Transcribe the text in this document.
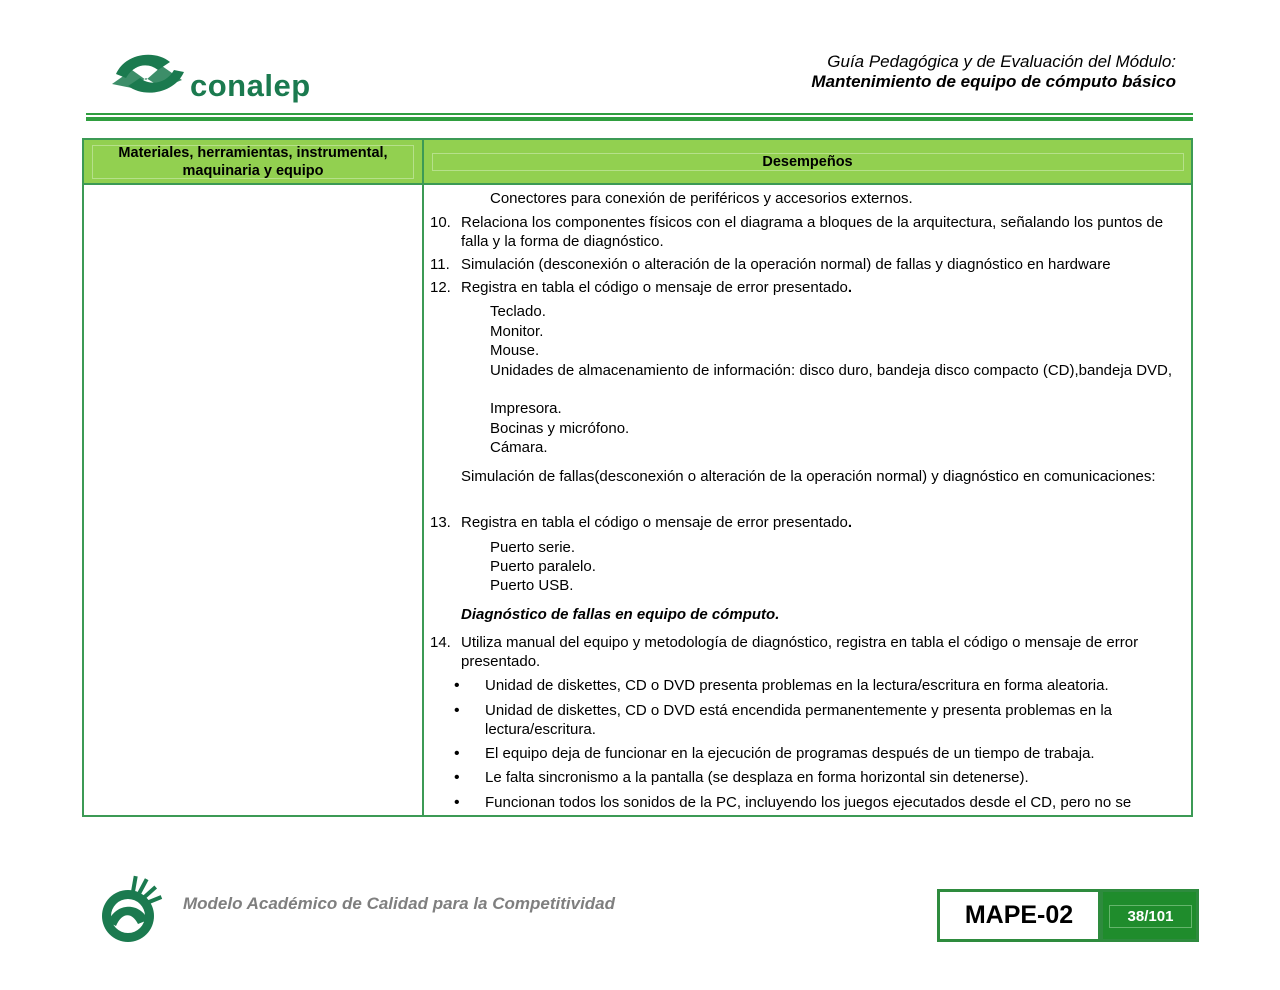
conalep
Guía Pedagógica y de Evaluación del Módulo:
Mantenimiento de equipo de cómputo básico
Materiales, herramientas, instrumental, maquinaria y equipo
Desempeños
Conectores para conexión de periféricos y accesorios externos.
10. Relaciona los componentes físicos con el diagrama a bloques de la arquitectura, señalando los puntos de falla y la forma de diagnóstico.
11. Simulación (desconexión o alteración de la operación normal) de fallas y diagnóstico en hardware
12. Registra en tabla el código o mensaje de error presentado.
Teclado.
Monitor.
Mouse.
Unidades de almacenamiento de información: disco duro, bandeja disco compacto (CD),bandeja DVD,
Impresora.
Bocinas y micrófono.
Cámara.
Simulación de fallas(desconexión o alteración de la operación normal) y diagnóstico en comunicaciones:
13. Registra en tabla el código o mensaje de error presentado.
Puerto serie.
Puerto paralelo.
Puerto USB.
Diagnóstico de fallas en equipo de cómputo.
14. Utiliza manual del equipo y metodología de diagnóstico, registra en tabla el código o mensaje de error presentado.
• Unidad de diskettes, CD o DVD presenta problemas en la lectura/escritura en forma aleatoria.
• Unidad de diskettes, CD o DVD está encendida permanentemente y presenta problemas en la lectura/escritura.
• El equipo deja de funcionar en la ejecución de programas después de un tiempo de trabaja.
• Le falta sincronismo a la pantalla (se desplaza en forma horizontal sin detenerse).
• Funcionan todos los sonidos de la PC, incluyendo los juegos ejecutados desde el CD, pero no se
Modelo Académico de Calidad para la Competitividad	MAPE-02	38/101
